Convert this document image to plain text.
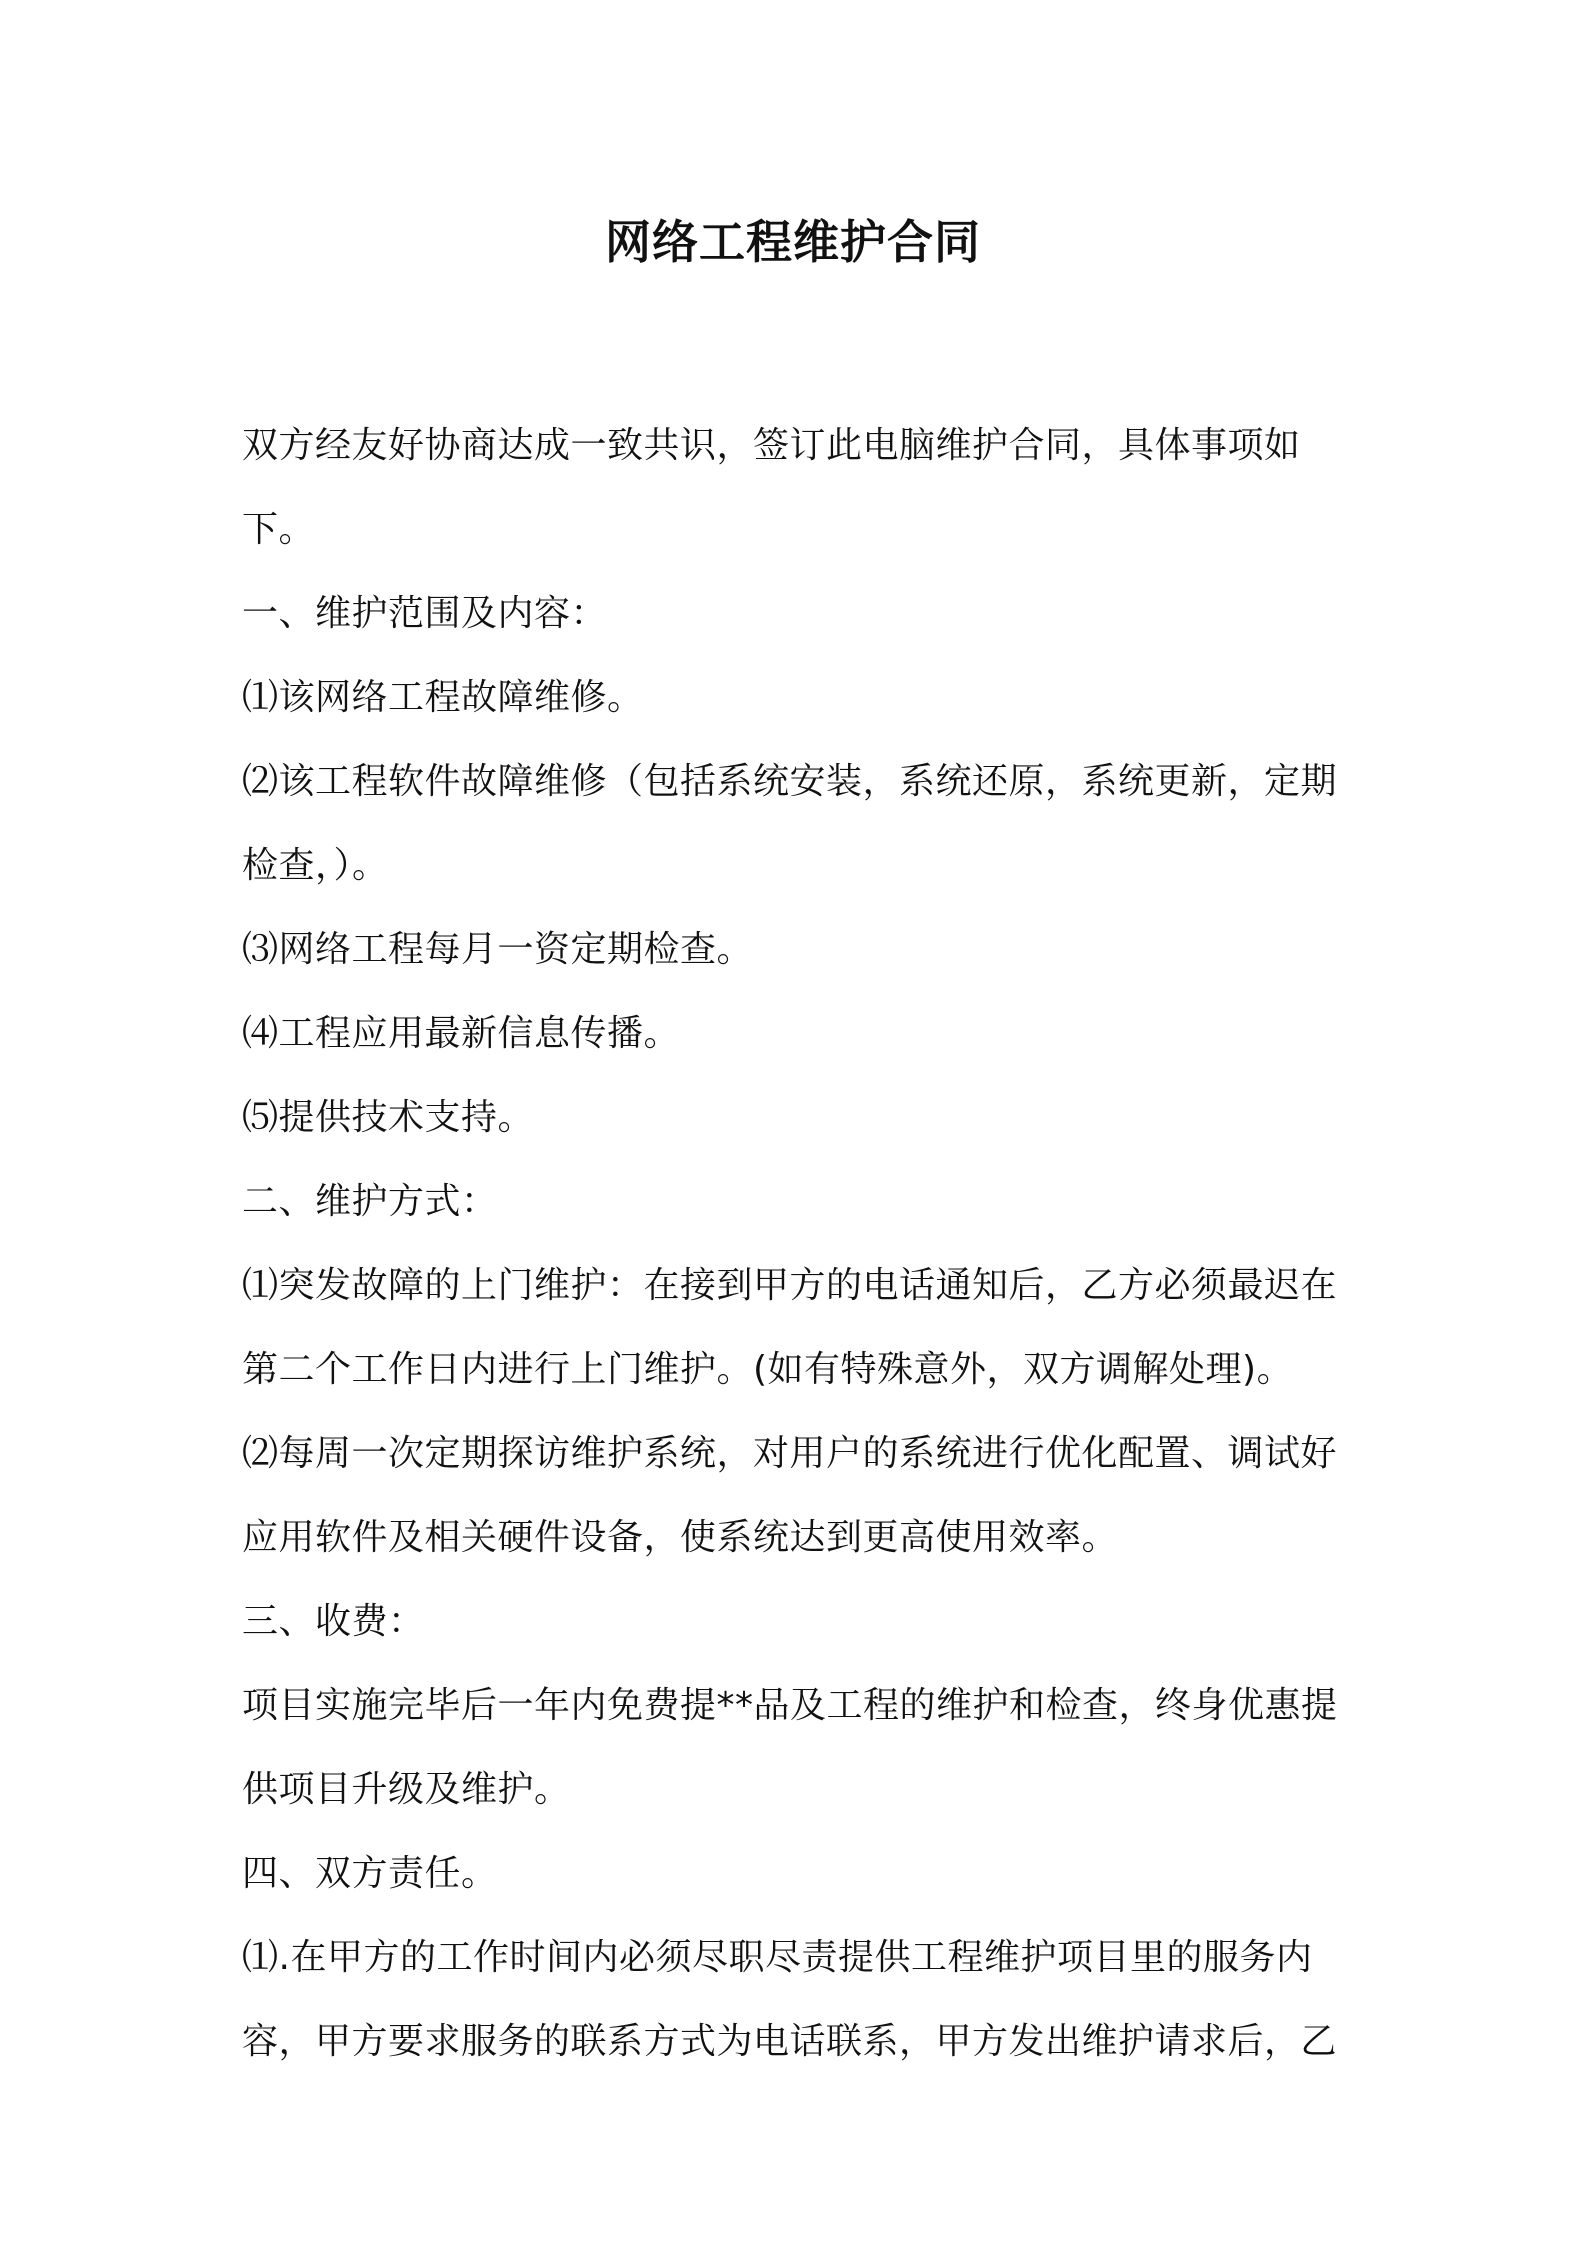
网络工程维护合同

双方经友好协商达成一致共识，签订此电脑维护合同，具体事项如下。

一、维护范围及内容：

⑴该网络工程故障维修。

⑵该工程软件故障维修（包括系统安装，系统还原，系统更新，定期检查，）。

⑶网络工程每月一资定期检查。

⑷工程应用最新信息传播。

⑸提供技术支持。

二、维护方式：

⑴突发故障的上门维护：在接到甲方的电话通知后，乙方必须最迟在第二个工作日内进行上门维护。(如有特殊意外，双方调解处理)。

⑵每周一次定期探访维护系统，对用户的系统进行优化配置、调试好应用软件及相关硬件设备，使系统达到更高使用效率。

三、收费：

项目实施完毕后一年内免费提**品及工程的维护和检查，终身优惠提供项目升级及维护。

四、双方责任。

⑴.在甲方的工作时间内必须尽职尽责提供工程维护项目里的服务内容，甲方要求服务的联系方式为电话联系，甲方发出维护请求后，乙
